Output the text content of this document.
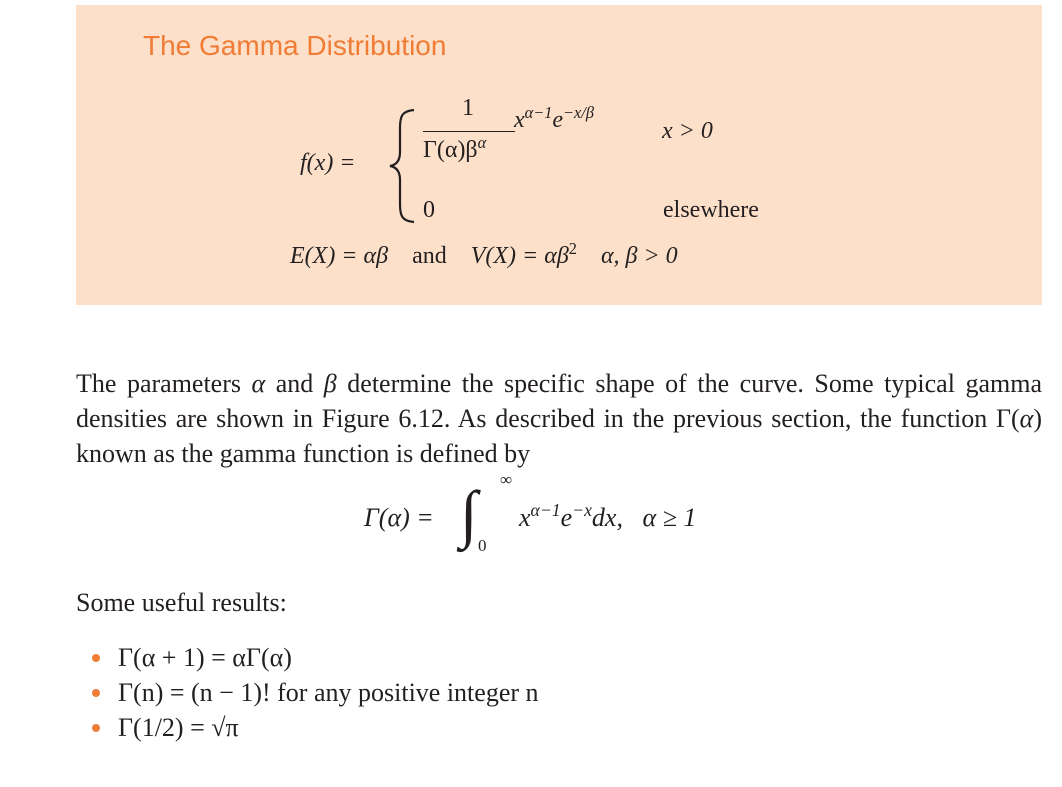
The Gamma Distribution
f(x) =
1
$\Gamma(\alpha)\beta^\alpha$
$x^{\alpha-1}e^{-x/\beta}$
x > 0
0	elsewhere
E(X) = αβ and $V(X) = \alpha\beta^2$ α, β > 0

The parameters α and β determine the specific shape of the curve. Some typical gamma densities are shown in Figure 6.12. As described in the previous section, the function Γ(α) known as the gamma function is defined by

Γ(α) = ∫ ∞
0
$x^{\alpha-1}e^{-x}dx$, α ≥ 1
Some useful results:
Γ(α + 1) = αΓ(α)
Γ(n) = (n − 1)! for any positive integer n
Γ(1/2) = √π
